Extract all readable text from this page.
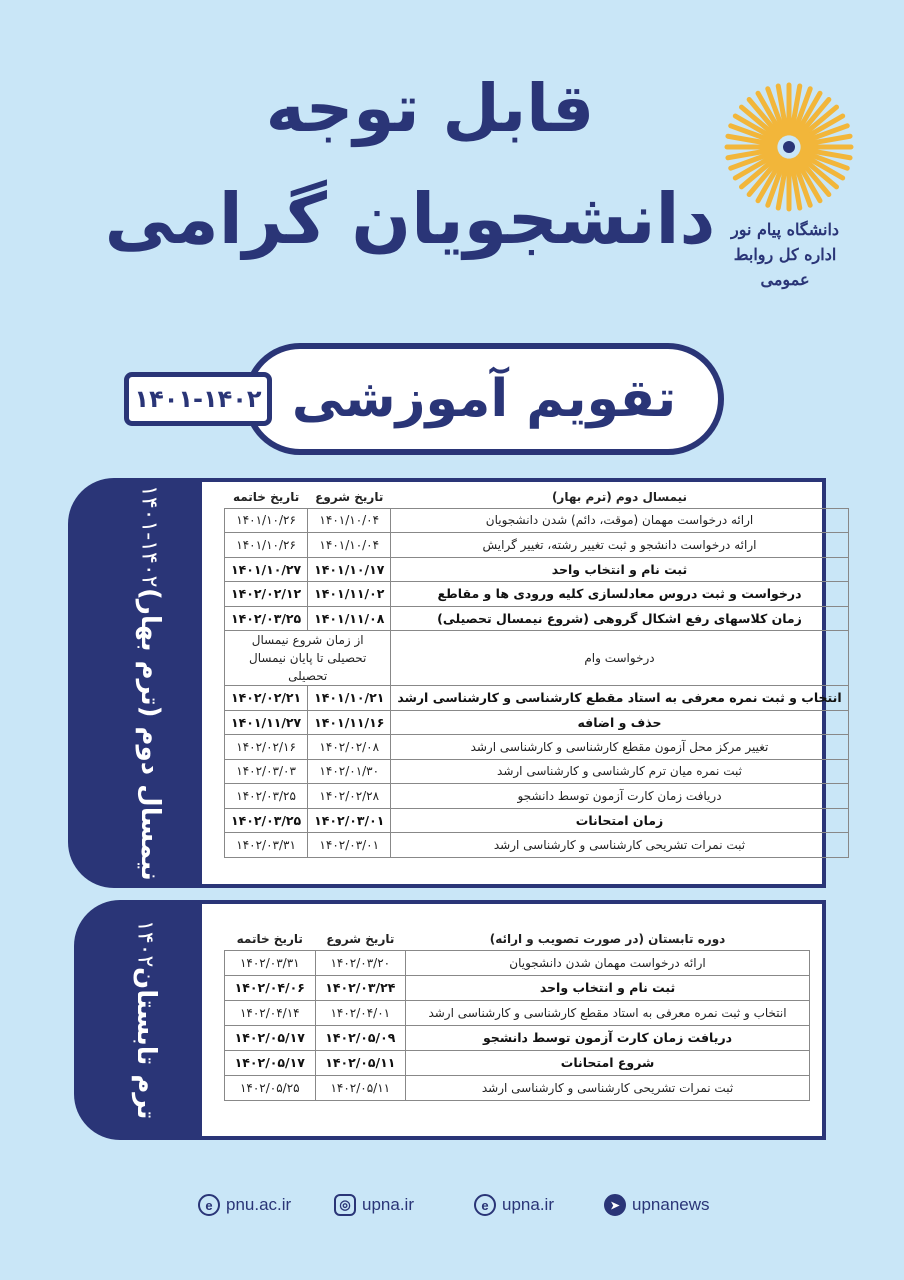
دانشگاه پیام نور
اداره کل روابط عمومی
قابل توجه
دانشجویان گرامی
تقویم آموزشی
۱۴۰۱-۱۴۰۲
نیمسال دوم (ترم بهار)
۱۴۰۱-۱۴۰۲	نیمسال دوم (ترم بهار)	تاریخ شروع	تاریخ خاتمه
ارائه درخواست مهمان (موقت، دائم) شدن دانشجویان	۱۴۰۱/۱۰/۰۴	۱۴۰۱/۱۰/۲۶
ارائه درخواست دانشجو و ثبت تغییر رشته، تغییر گرایش	۱۴۰۱/۱۰/۰۴	۱۴۰۱/۱۰/۲۶
ثبت نام و انتخاب واحد	۱۴۰۱/۱۰/۱۷	۱۴۰۱/۱۰/۲۷
درخواست و ثبت دروس معادلسازی کلیه ورودی ها و مقاطع	۱۴۰۱/۱۱/۰۲	۱۴۰۲/۰۲/۱۲
زمان کلاسهای رفع اشکال گروهی (شروع نیمسال تحصیلی)	۱۴۰۱/۱۱/۰۸	۱۴۰۲/۰۳/۲۵
درخواست وام	از زمان شروع نیمسال تحصیلی تا پایان نیمسال تحصیلی	
انتخاب و ثبت نمره معرفی به استاد مقطع کارشناسی و کارشناسی ارشد	۱۴۰۱/۱۰/۲۱	۱۴۰۲/۰۲/۲۱
حذف و اضافه	۱۴۰۱/۱۱/۱۶	۱۴۰۱/۱۱/۲۷
تغییر مرکز محل آزمون مقطع کارشناسی و کارشناسی ارشد	۱۴۰۲/۰۲/۰۸	۱۴۰۲/۰۲/۱۶
ثبت نمره میان ترم کارشناسی و کارشناسی ارشد	۱۴۰۲/۰۱/۳۰	۱۴۰۲/۰۳/۰۳
دریافت زمان کارت آزمون توسط دانشجو	۱۴۰۲/۰۲/۲۸	۱۴۰۲/۰۳/۲۵
زمان امتحانات	۱۴۰۲/۰۳/۰۱	۱۴۰۲/۰۳/۲۵
ثبت نمرات تشریحی کارشناسی و کارشناسی ارشد	۱۴۰۲/۰۳/۰۱	۱۴۰۲/۰۳/۳۱
ترم تابستان
۱۴۰۲	دوره تابستان (در صورت تصویب و ارائه)	تاریخ شروع	تاریخ خاتمه
ارائه درخواست مهمان شدن دانشجویان	۱۴۰۲/۰۳/۲۰	۱۴۰۲/۰۳/۳۱
ثبت نام و انتخاب واحد	۱۴۰۲/۰۳/۲۴	۱۴۰۲/۰۴/۰۶
انتخاب و ثبت نمره معرفی به استاد مقطع کارشناسی و کارشناسی ارشد	۱۴۰۲/۰۴/۰۱	۱۴۰۲/۰۴/۱۴
دریافت زمان کارت آزمون توسط دانشجو	۱۴۰۲/۰۵/۰۹	۱۴۰۲/۰۵/۱۷
شروع امتحانات	۱۴۰۲/۰۵/۱۱	۱۴۰۲/۰۵/۱۷
ثبت نمرات تشریحی کارشناسی و کارشناسی ارشد	۱۴۰۲/۰۵/۱۱	۱۴۰۲/۰۵/۲۵
e pnu.ac.ir	◎ upna.ir	e upna.ir	➤ upnanews
